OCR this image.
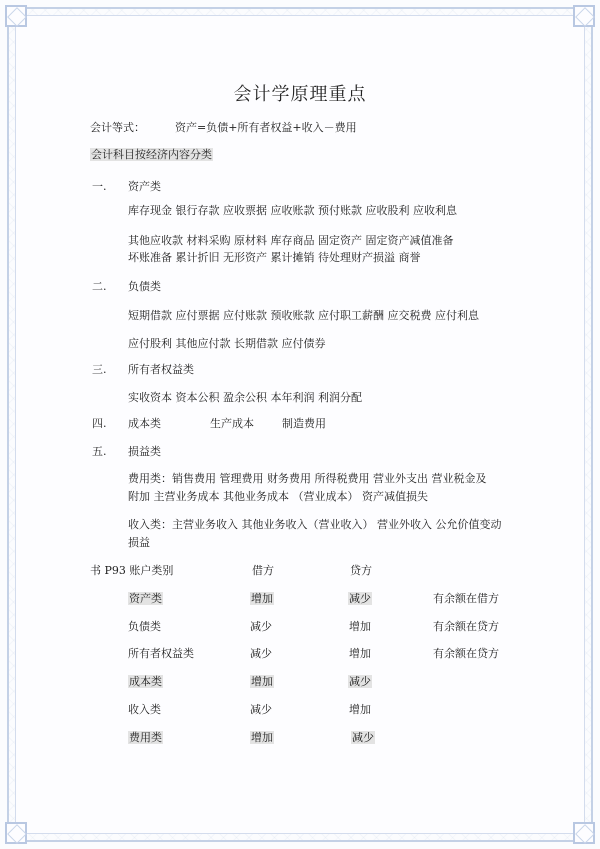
会计学原理重点
会计等式：	资产=负债+所有者权益+收入－费用
会计科目按经济内容分类
一. 资产类
库存现金 银行存款 应收票据 应收账款 预付账款 应收股利 应收利息
其他应收款 材料采购 原材料 库存商品 固定资产 固定资产减值准备
坏账准备 累计折旧 无形资产 累计摊销 待处理财产损溢 商誉
二. 负债类
短期借款 应付票据 应付账款 预收账款 应付职工薪酬 应交税费 应付利息
应付股利 其他应付款 长期借款 应付债券
三. 所有者权益类
实收资本 资本公积 盈余公积 本年利润 利润分配
四. 成本类	生产成本	制造费用
五. 损益类
费用类：销售费用 管理费用 财务费用 所得税费用 营业外支出 营业税金及
附加 主营业务成本 其他业务成本 （营业成本） 资产减值损失
收入类：主营业务收入 其他业务收入（营业收入） 营业外收入 公允价值变动
损益
书 P93 账户类别	借方	贷方
资产类	增加	减少	有余额在借方
负债类	减少	增加	有余额在贷方
所有者权益类	减少	增加	有余额在贷方
成本类	增加	减少
收入类	减少	增加
费用类	增加	减少
